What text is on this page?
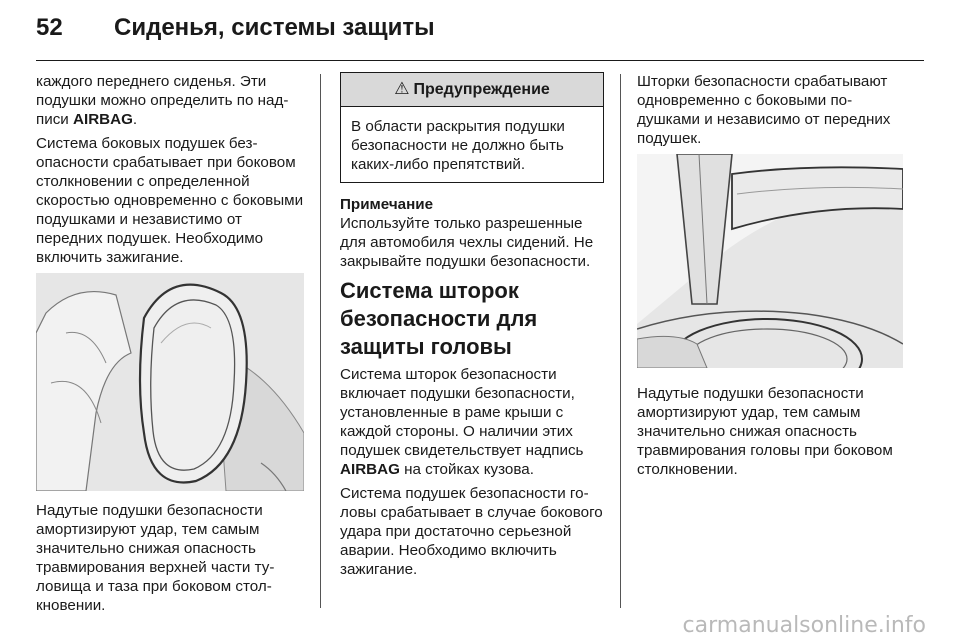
52	Сиденья, системы защиты

каждого переднего сиденья. Эти подушки можно определить по надписи AIRBAG.

Система боковых подушек безопасности срабатывает при боковом столкновении с определенной скоростью одновременно с боковыми подушками и независтимо от передних подушек. Необходимо включить зажигание.

Надутые подушки безопасности амортизируют удар, тем самым значительно снижая опасность травмирования верхней части туловища и таза при боковом столкновении.

⚠ Предупреждение
В области раскрытия подушки безопасности не должно быть каких-либо препятствий.
Примечание

Используйте только разрешенные для автомобиля чехлы сидений. Не закрывайте подушки безопасности.

Система шторок безопасности для защиты головы

Система шторок безопасности включает подушки безопасности, установленные в раме крыши с каждой стороны. О наличии этих подушек свидетельствует надпись AIRBAG на стойках кузова.

Система подушек безопасности головы срабатывает в случае бокового удара при достаточно серьезной аварии. Необходимо включить зажигание.

Шторки безопасности срабатывают одновременно с боковыми подушками и независимо от передних подушек.

Надутые подушки безопасности амортизируют удар, тем самым значительно снижая опасность травмирования головы при боковом столкновении.

carmanualsonline.info
